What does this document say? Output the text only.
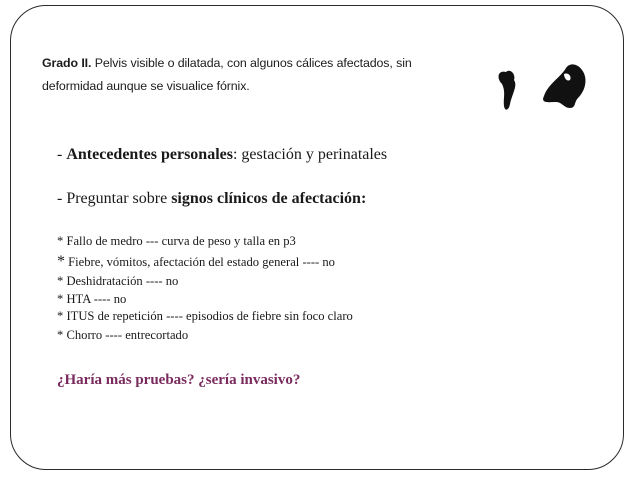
Grado II. Pelvis visible o dilatada, con algunos cálices afectados, sin
deformidad aunque se visualice fórnix.
- Antecedentes personales: gestación y perinatales
- Preguntar sobre signos clínicos de afectación:
* Fallo de medro --- curva de peso y talla en p3
* Fiebre, vómitos, afectación del estado general ---- no
* Deshidratación ---- no
* HTA ---- no
* ITUS de repetición ---- episodios de fiebre sin foco claro
* Chorro ---- entrecortado
¿Haría más pruebas? ¿sería invasivo?
